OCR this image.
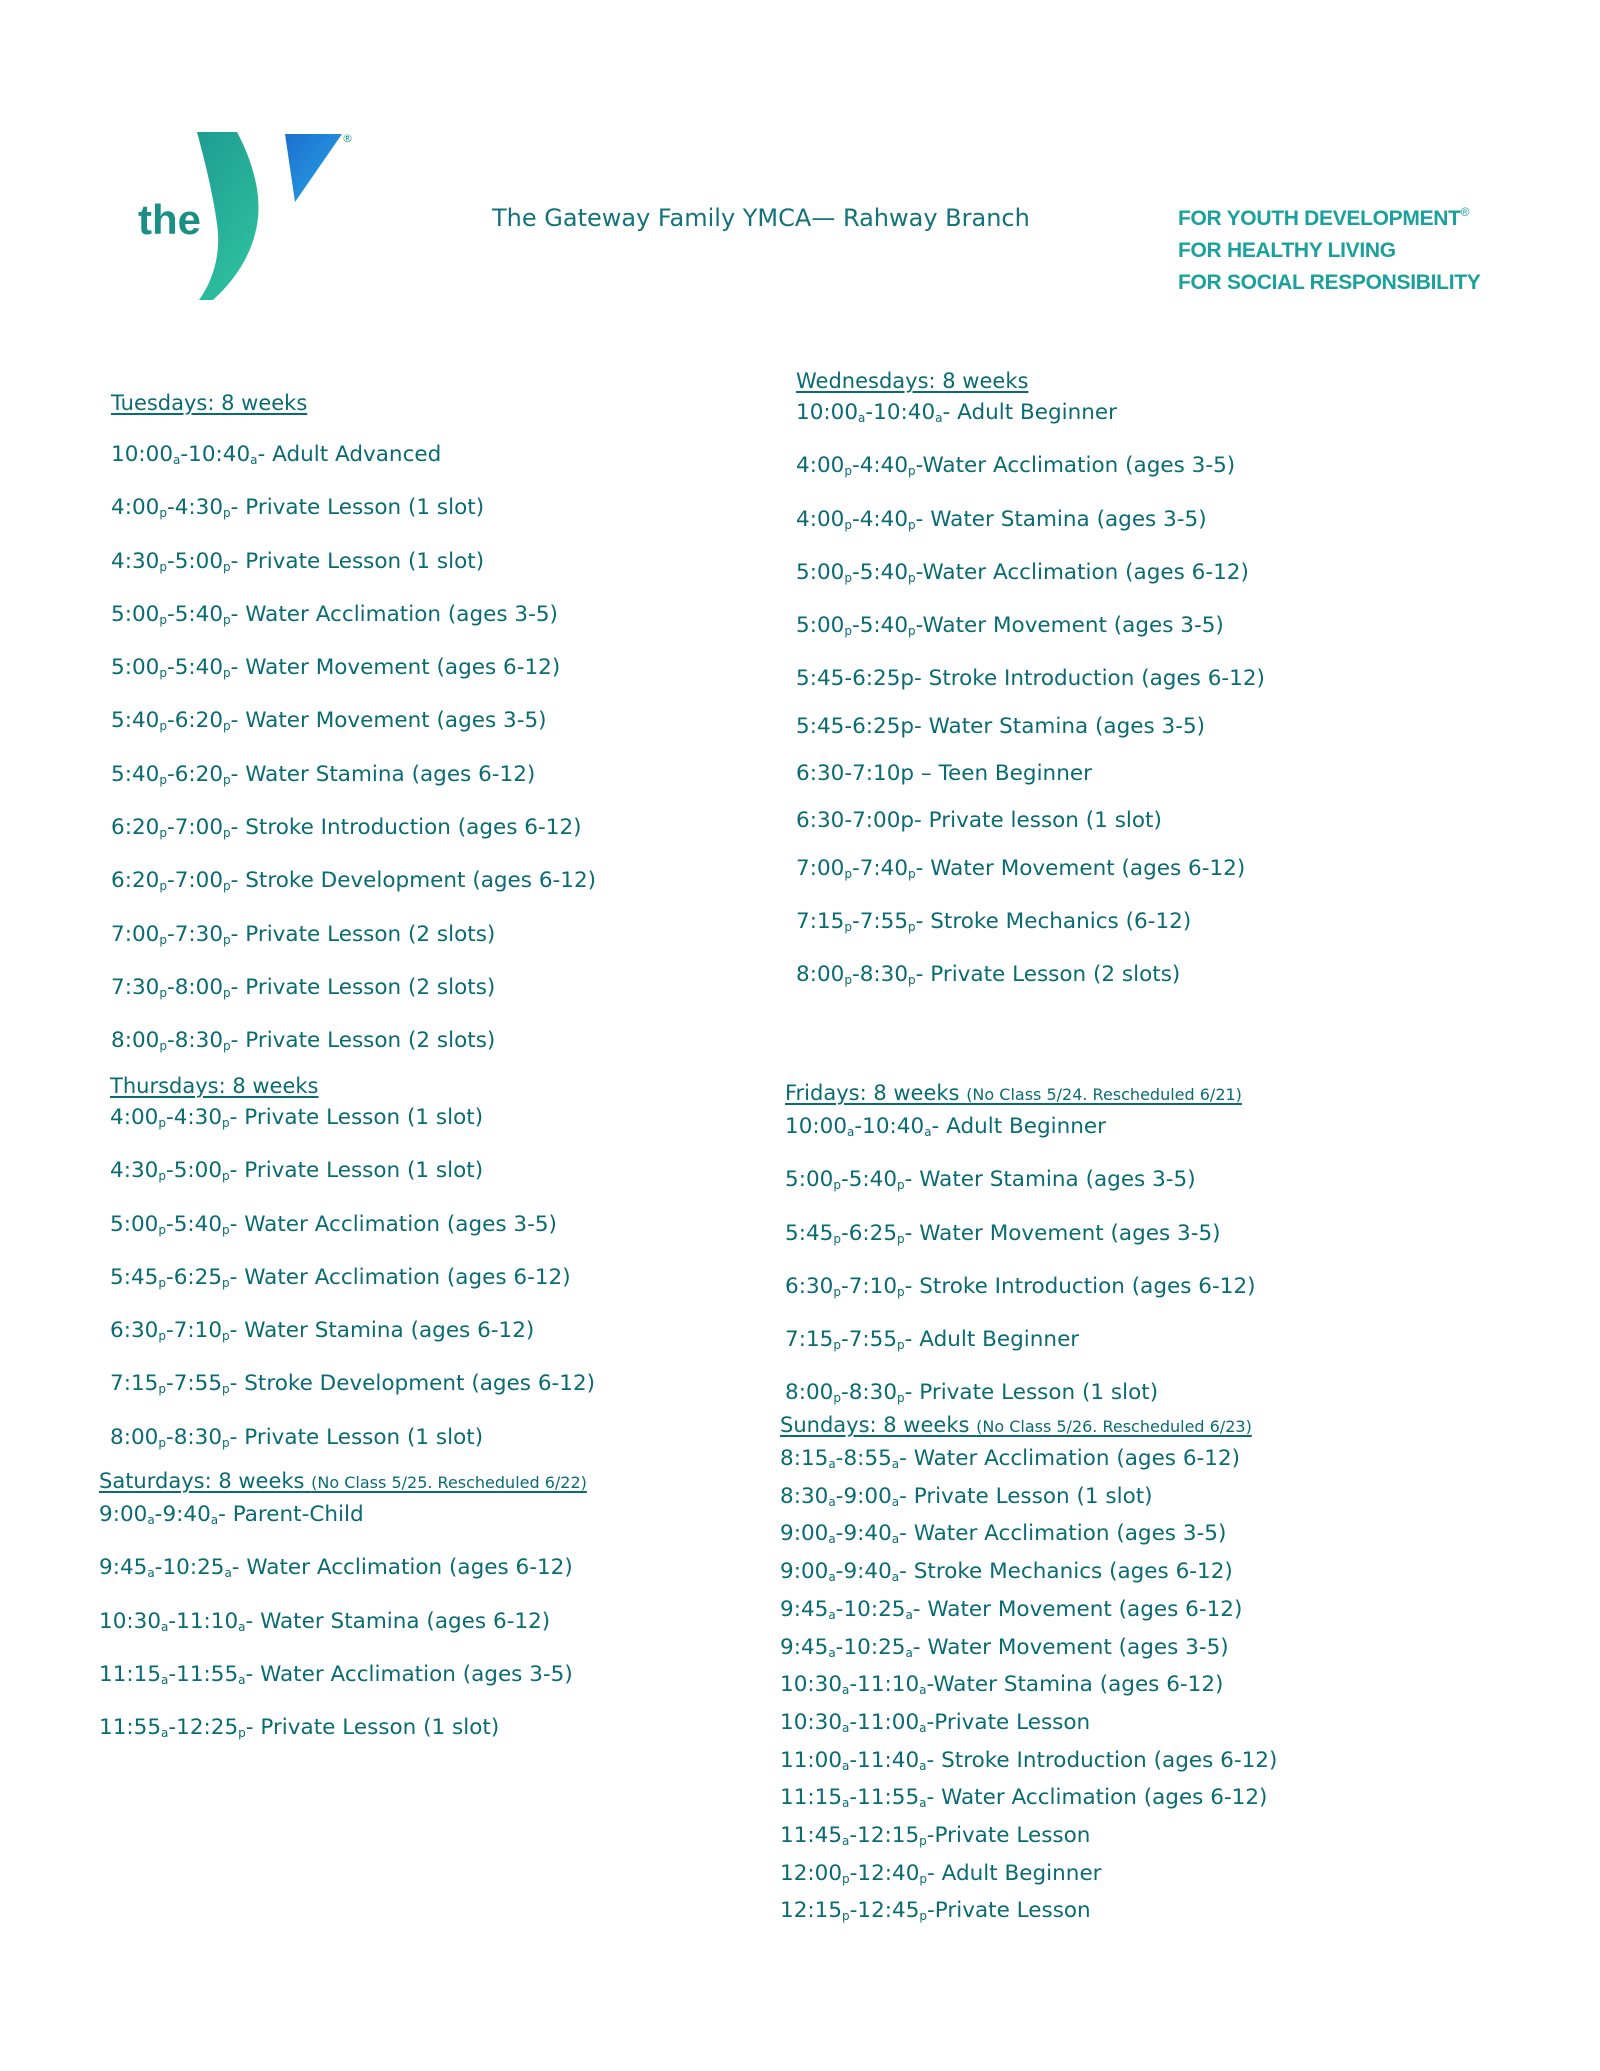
the
YMCA
®
The Gateway Family YMCA— Rahway Branch	FOR YOUTH DEVELOPMENT®
FOR HEALTHY LIVING
FOR SOCIAL RESPONSIBILITY
Tuesdays: 8 weeks
$10:00_a-10:40_a-$ Adult Advanced
$4:00_p-4:30_p-$ Private Lesson (1 slot)
$4:30_p-5:00_p-$ Private Lesson (1 slot)
$5:00_p-5:40_p-$ Water Acclimation (ages 3-5)
$5:00_p-5:40_p-$ Water Movement (ages 6-12)
$5:40_p-6:20_p-$ Water Movement (ages 3-5)
$5:40_p-6:20_p-$ Water Stamina (ages 6-12)
$6:20_p-7:00_p-$ Stroke Introduction (ages 6-12)
$6:20_p-7:00_p-$ Stroke Development (ages 6-12)
$7:00_p-7:30_p-$ Private Lesson (2 slots)
$7:30_p-8:00_p-$ Private Lesson (2 slots)
$8:00_p-8:30_p-$ Private Lesson (2 slots)
Wednesdays: 8 weeks
$10:00_a-10:40_a-$ Adult Beginner
$4:00_p-4:40_p$-Water Acclimation (ages 3-5)
$4:00_p-4:40_p-$ Water Stamina (ages 3-5)
$5:00_p-5:40_p$-Water Acclimation (ages 6-12)
$5:00_p-5:40_p$-Water Movement (ages 3-5)
5:45-6:25p- Stroke Introduction (ages 6-12)
5:45-6:25p- Water Stamina (ages 3-5)
6:30-7:10p – Teen Beginner
6:30-7:00p- Private lesson (1 slot)
$7:00_p-7:40_p-$ Water Movement (ages 6-12)
$7:15_p-7:55_p-$ Stroke Mechanics (6-12)
$8:00_p-8:30_p-$ Private Lesson (2 slots)
Thursdays: 8 weeks
$4:00_p-4:30_p-$ Private Lesson (1 slot)
$4:30_p-5:00_p-$ Private Lesson (1 slot)
$5:00_p-5:40_p-$ Water Acclimation (ages 3-5)
$5:45_p-6:25_p-$ Water Acclimation (ages 6-12)
$6:30_p-7:10_p-$ Water Stamina (ages 6-12)
$7:15_p-7:55_p-$ Stroke Development (ages 6-12)
$8:00_p-8:30_p-$ Private Lesson (1 slot)
Fridays: 8 weeks (No Class 5/24. Rescheduled 6/21)
$10:00_a-10:40_a-$ Adult Beginner
$5:00_p-5:40_p-$ Water Stamina (ages 3-5)
$5:45_p-6:25_p-$ Water Movement (ages 3-5)
$6:30_p-7:10_p-$ Stroke Introduction (ages 6-12)
$7:15_p-7:55_p-$ Adult Beginner
$8:00_p-8:30_p-$ Private Lesson (1 slot)
Saturdays: 8 weeks (No Class 5/25. Rescheduled 6/22)
$9:00_a-9:40_a-$ Parent-Child
$9:45_a-10:25_a-$ Water Acclimation (ages 6-12)
$10:30_a-11:10_a-$ Water Stamina (ages 6-12)
$11:15_a-11:55_a-$ Water Acclimation (ages 3-5)
$11:55_a-12:25_p-$ Private Lesson (1 slot)
Sundays: 8 weeks (No Class 5/26. Rescheduled 6/23)
$8:15_a-8:55_a-$ Water Acclimation (ages 6-12)
$8:30_a-9:00_a-$ Private Lesson (1 slot)
$9:00_a-9:40_a-$ Water Acclimation (ages 3-5)
$9:00_a-9:40_a-$ Stroke Mechanics (ages 6-12)
$9:45_a-10:25_a-$ Water Movement (ages 6-12)
$9:45_a-10:25_a-$ Water Movement (ages 3-5)
$10:30_a-11:10_a$-Water Stamina (ages 6-12)
$10:30_a-11:00_a$-Private Lesson
$11:00_a-11:40_a-$ Stroke Introduction (ages 6-12)
$11:15_a-11:55_a-$ Water Acclimation (ages 6-12)
$11:45_a-12:15_p$-Private Lesson
$12:00_p-12:40_p-$ Adult Beginner
$12:15_p-12:45_p$-Private Lesson
